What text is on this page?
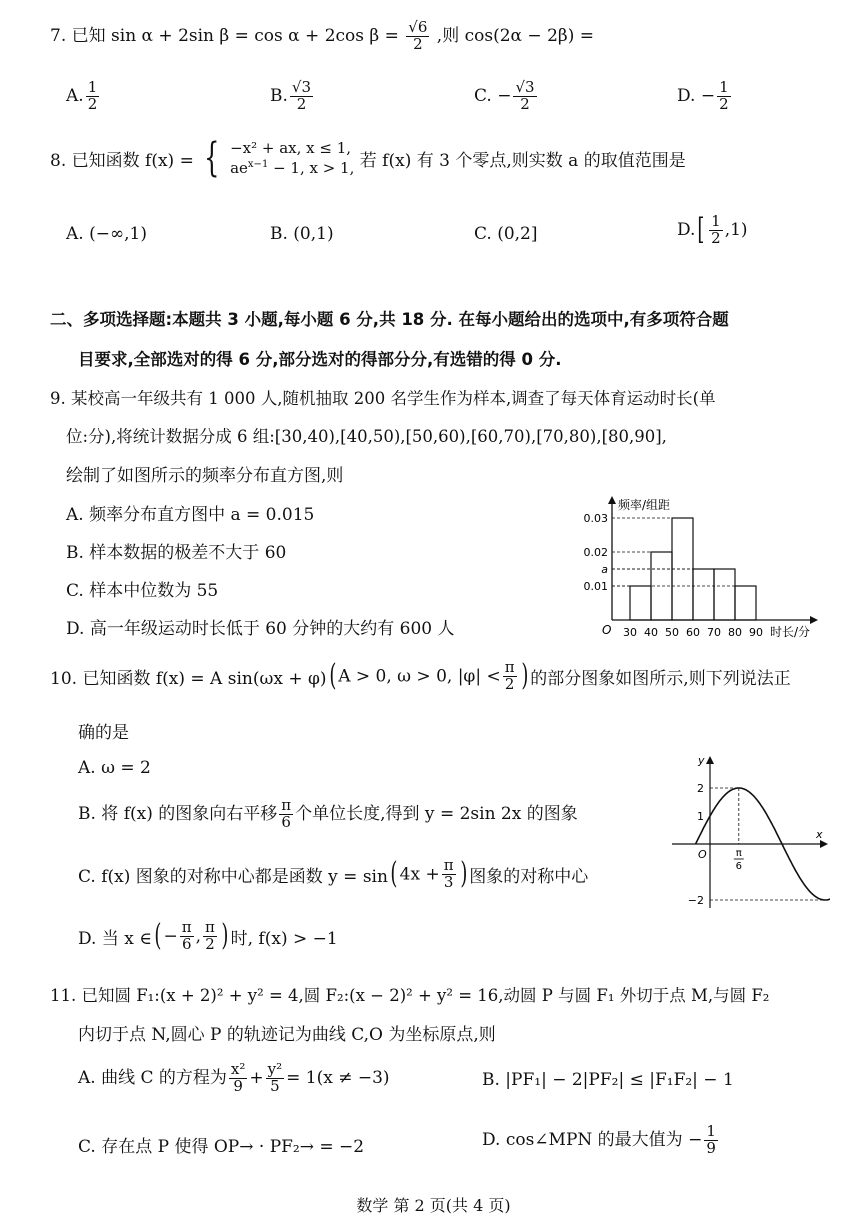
7. 已知 sin α + 2sin β = cos α + 2cos $\beta = \frac{√6}{2}$ ,则 cos(2α − 2β) =
A. $\frac{1}{2}$	B. $\frac{√3}{2}$	C. − $\frac{√3}{2}$	D. − $\frac{1}{2}$
8. 已知函数 f(x) = { −x² + ax, x ≤ 1,
$ae^{x-1} - 1$, x > 1, 若 f(x) 有 3 个零点,则实数 a 的取值范围是
A. (−∞,1)	B. (0,1)	C. (0,2]	$D.[ \frac{1}{2} ,1)$
二、多项选择题:本题共 3 小题,每小题 6 分,共 18 分. 在每小题给出的选项中,有多项符合题
目要求,全部选对的得 6 分,部分选对的得部分分,有选错的得 0 分.
9. 某校高一年级共有 1 000 人,随机抽取 200 名学生作为样本,调查了每天体育运动时长(单
位:分),将统计数据分成 6 组:[30,40),[40,50),[50,60),[60,70),[70,80),[80,90],
绘制了如图所示的频率分布直方图,则
A. 频率分布直方图中 a = 0.015
B. 样本数据的极差不大于 60
C. 样本中位数为 55
D. 高一年级运动时长低于 60 分钟的大约有 600 人
频率/组距
时长/分
O
0.01
a
0.02
0.03
30 40 50 60 70 80 90
10. 已知函数 f(x) = A sin(ωx + φ)( A > 0, ω > 0, $|\varphi| < \frac{\pi}{2}$ ) 的部分图象如图所示,则下列说法正
确的是
A. ω = 2
B. 将 f(x) 的图象向右平移 $\frac{\pi}{6}$ 个单位长度,得到 y = 2sin 2x 的图象
C. f(x) 图象的对称中心都是函数 y = sin( $4x + \frac{\pi}{3}$ ) 图象的对称中心
D. 当 x ∈( − $\frac{\pi}{6}$ , $\frac{\pi}{2}$ ) 时, f(x) > −1
y
x
O
2
1
−2
π
6
11. 已知圆 F₁:(x + 2)² + y² = 4,圆 F₂:(x − 2)² + y² = 16,动圆 P 与圆 F₁ 外切于点 M,与圆 F₂
内切于点 N,圆心 P 的轨迹记为曲线 C,O 为坐标原点,则
A. 曲线 C 的方程为 $\frac{\text{x²}}{9} + \frac{\text{y²}}{5} = 1(x \ne -3)$	B. |PF₁| − 2|PF₂| ≤ |F₁F₂| − 1
C. 存在点 P 使得 OP→ · PF₂→ = −2	D. cos∠MPN 的最大值为 − $\frac{1}{9}$
数学 第 2 页(共 4 页)
